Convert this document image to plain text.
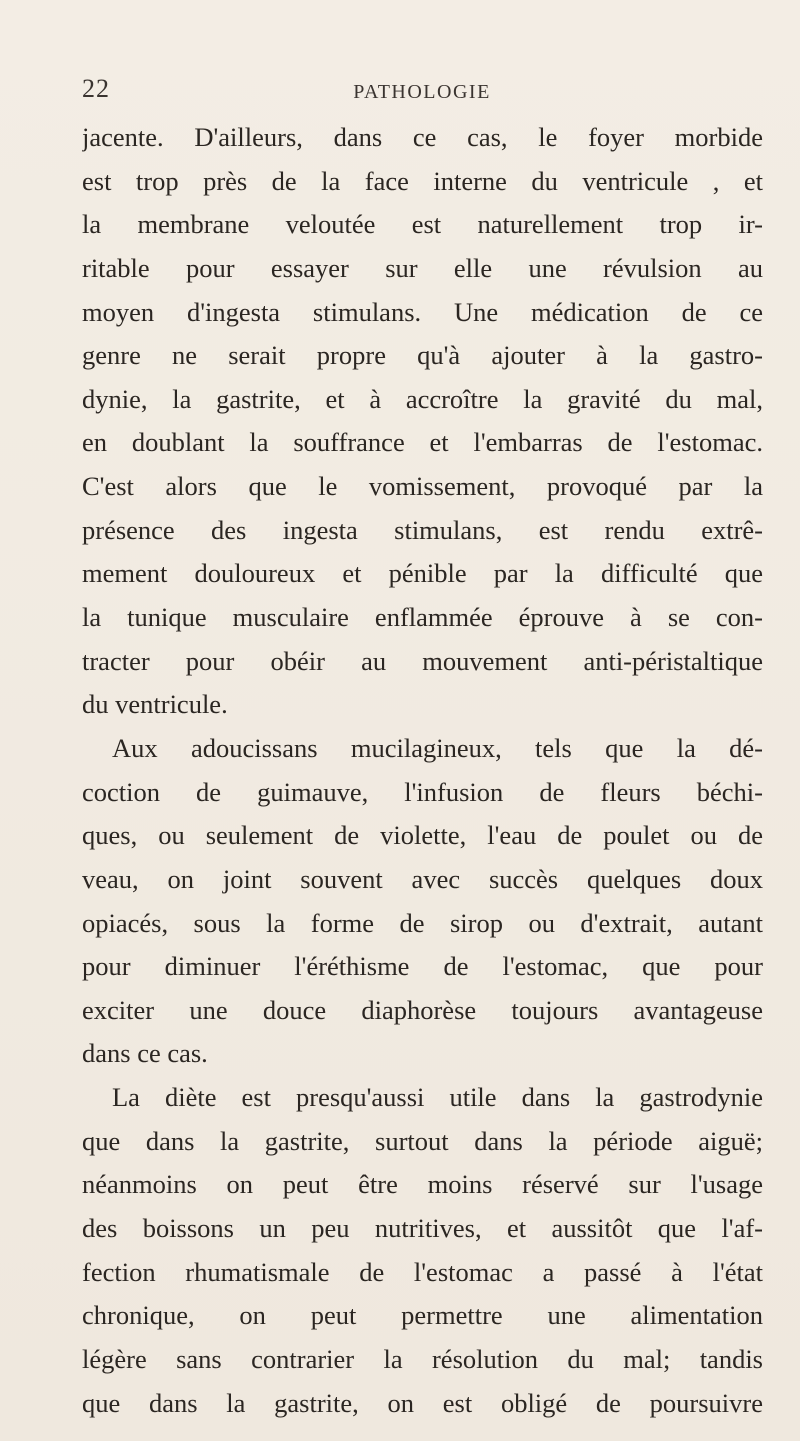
22	PATHOLOGIE
jacente. D'ailleurs, dans ce cas, le foyer morbide
est trop près de la face interne du ventricule , et
la membrane veloutée est naturellement trop ir-
ritable pour essayer sur elle une révulsion au
moyen d'ingesta stimulans. Une médication de ce
genre ne serait propre qu'à ajouter à la gastro-
dynie, la gastrite, et à accroître la gravité du mal,
en doublant la souffrance et l'embarras de l'estomac.
C'est alors que le vomissement, provoqué par la
présence des ingesta stimulans, est rendu extrê-
mement douloureux et pénible par la difficulté que
la tunique musculaire enflammée éprouve à se con-
tracter pour obéir au mouvement anti-péristaltique
du ventricule.
Aux adoucissans mucilagineux, tels que la dé-
coction de guimauve, l'infusion de fleurs béchi-
ques, ou seulement de violette, l'eau de poulet ou de
veau, on joint souvent avec succès quelques doux
opiacés, sous la forme de sirop ou d'extrait, autant
pour diminuer l'éréthisme de l'estomac, que pour
exciter une douce diaphorèse toujours avantageuse
dans ce cas.
La diète est presqu'aussi utile dans la gastrodynie
que dans la gastrite, surtout dans la période aiguë;
néanmoins on peut être moins réservé sur l'usage
des boissons un peu nutritives, et aussitôt que l'af-
fection rhumatismale de l'estomac a passé à l'état
chronique, on peut permettre une alimentation
légère sans contrarier la résolution du mal; tandis
que dans la gastrite, on est obligé de poursuivre
